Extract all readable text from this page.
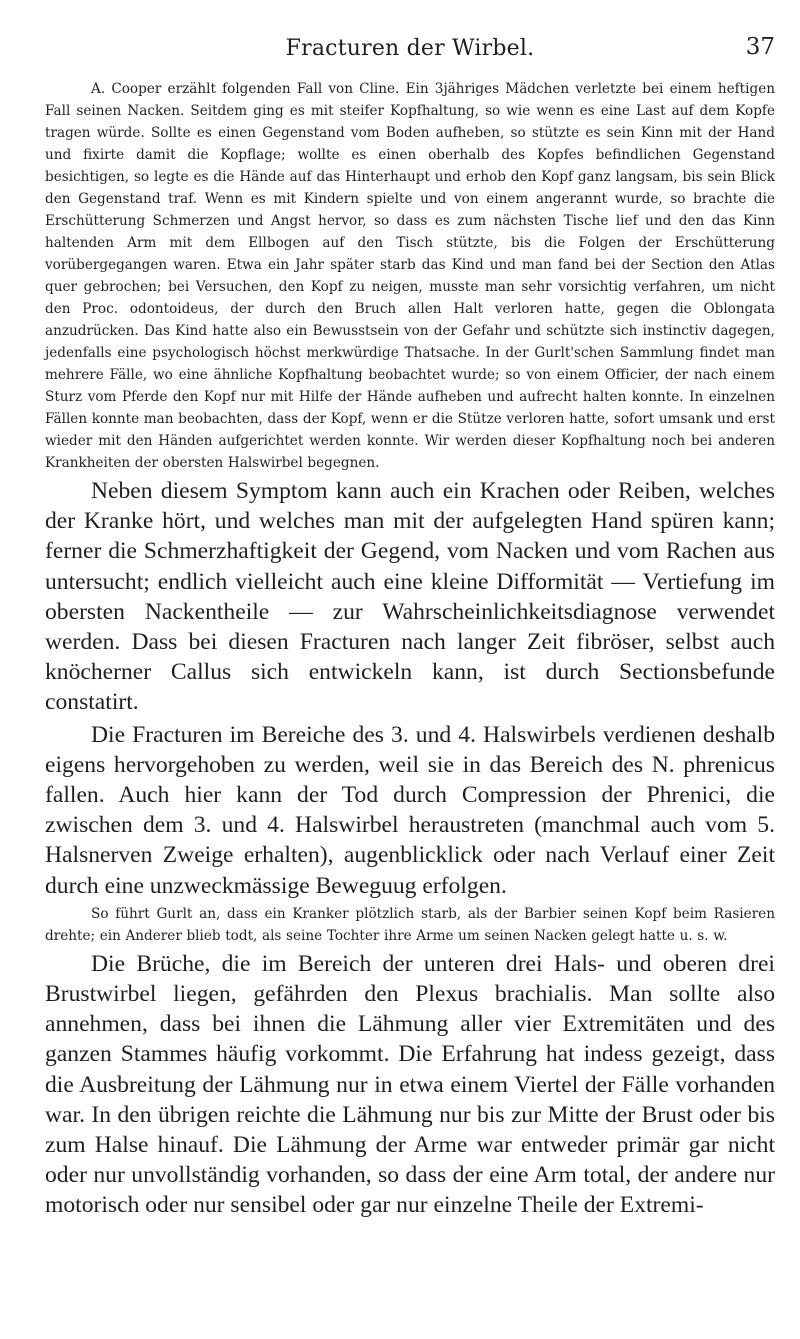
Fracturen der Wirbel.	37

A. Cooper erzählt folgenden Fall von Cline. Ein 3jähriges Mädchen verletzte bei einem heftigen Fall seinen Nacken. Seitdem ging es mit steifer Kopfhaltung, so wie wenn es eine Last auf dem Kopfe tragen würde. Sollte es einen Gegenstand vom Boden aufheben, so stützte es sein Kinn mit der Hand und fixirte damit die Kopflage; wollte es einen oberhalb des Kopfes befindlichen Gegenstand besichtigen, so legte es die Hände auf das Hinterhaupt und erhob den Kopf ganz langsam, bis sein Blick den Gegenstand traf. Wenn es mit Kindern spielte und von einem angerannt wurde, so brachte die Erschütterung Schmerzen und Angst hervor, so dass es zum nächsten Tische lief und den das Kinn haltenden Arm mit dem Ellbogen auf den Tisch stützte, bis die Folgen der Erschütterung vorübergegangen waren. Etwa ein Jahr später starb das Kind und man fand bei der Section den Atlas quer gebrochen; bei Versuchen, den Kopf zu neigen, musste man sehr vorsichtig verfahren, um nicht den Proc. odontoideus, der durch den Bruch allen Halt verloren hatte, gegen die Oblongata anzudrücken. Das Kind hatte also ein Bewusstsein von der Gefahr und schützte sich instinctiv dagegen, jedenfalls eine psychologisch höchst merkwürdige Thatsache. In der Gurlt'schen Sammlung findet man mehrere Fälle, wo eine ähnliche Kopfhaltung beobachtet wurde; so von einem Officier, der nach einem Sturz vom Pferde den Kopf nur mit Hilfe der Hände aufheben und aufrecht halten konnte. In einzelnen Fällen konnte man beobachten, dass der Kopf, wenn er die Stütze verloren hatte, sofort umsank und erst wieder mit den Händen aufgerichtet werden konnte. Wir werden dieser Kopfhaltung noch bei anderen Krankheiten der obersten Halswirbel begegnen.

Neben diesem Symptom kann auch ein Krachen oder Reiben, welches der Kranke hört, und welches man mit der aufgelegten Hand spüren kann; ferner die Schmerzhaftigkeit der Gegend, vom Nacken und vom Rachen aus untersucht; endlich vielleicht auch eine kleine Difformität — Vertiefung im obersten Nackentheile — zur Wahrscheinlichkeitsdiagnose verwendet werden. Dass bei diesen Fracturen nach langer Zeit fibröser, selbst auch knöcherner Callus sich entwickeln kann, ist durch Sectionsbefunde constatirt.

Die Fracturen im Bereiche des 3. und 4. Halswirbels verdienen deshalb eigens hervorgehoben zu werden, weil sie in das Bereich des N. phrenicus fallen. Auch hier kann der Tod durch Compression der Phrenici, die zwischen dem 3. und 4. Halswirbel heraustreten (manchmal auch vom 5. Halsnerven Zweige erhalten), augenblicklick oder nach Verlauf einer Zeit durch eine unzweckmässige Beweguug erfolgen.

So führt Gurlt an, dass ein Kranker plötzlich starb, als der Barbier seinen Kopf beim Rasieren drehte; ein Anderer blieb todt, als seine Tochter ihre Arme um seinen Nacken gelegt hatte u. s. w.

Die Brüche, die im Bereich der unteren drei Hals- und oberen drei Brustwirbel liegen, gefährden den Plexus brachialis. Man sollte also annehmen, dass bei ihnen die Lähmung aller vier Extremitäten und des ganzen Stammes häufig vorkommt. Die Erfahrung hat indess gezeigt, dass die Ausbreitung der Lähmung nur in etwa einem Viertel der Fälle vorhanden war. In den übrigen reichte die Lähmung nur bis zur Mitte der Brust oder bis zum Halse hinauf. Die Lähmung der Arme war entweder primär gar nicht oder nur unvollständig vorhanden, so dass der eine Arm total, der andere nur motorisch oder nur sensibel oder gar nur einzelne Theile der Extremi-
